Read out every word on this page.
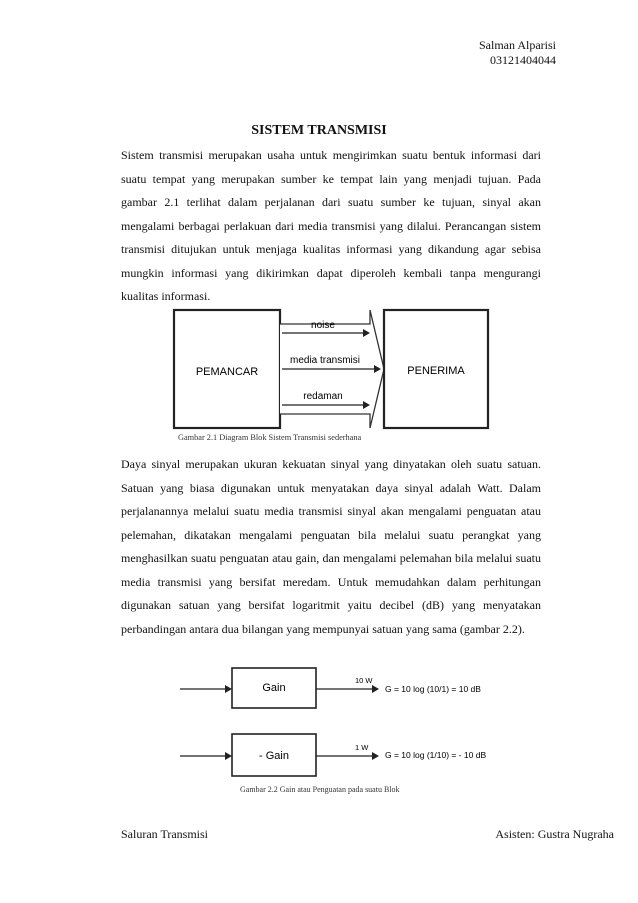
Salman Alparisi
03121404044
SISTEM TRANSMISI
Sistem transmisi merupakan usaha untuk mengirimkan suatu bentuk informasi dari suatu tempat yang merupakan sumber ke tempat lain yang menjadi tujuan. Pada gambar 2.1 terlihat dalam perjalanan dari suatu sumber ke tujuan, sinyal akan mengalami berbagai perlakuan dari media transmisi yang dilalui. Perancangan sistem transmisi ditujukan untuk menjaga kualitas informasi yang dikandung agar sebisa mungkin informasi yang dikirimkan dapat diperoleh kembali tanpa mengurangi kualitas informasi.
PEMANCAR
noise
media transmisi
redaman
PENERIMA
Gambar 2.1 Diagram Blok Sistem Transmisi sederhana
Daya sinyal merupakan ukuran kekuatan sinyal yang dinyatakan oleh suatu satuan. Satuan yang biasa digunakan untuk menyatakan daya sinyal adalah Watt. Dalam perjalanannya melalui suatu media transmisi sinyal akan mengalami penguatan atau pelemahan, dikatakan mengalami penguatan bila melalui suatu perangkat yang menghasilkan suatu penguatan atau gain, dan mengalami pelemahan bila melalui suatu media transmisi yang bersifat meredam. Untuk memudahkan dalam perhitungan digunakan satuan yang bersifat logaritmit yaitu decibel (dB) yang menyatakan perbandingan antara dua bilangan yang mempunyai satuan yang sama (gambar 2.2).
Gain
10 W
G = 10 log (10/1) = 10 dB
- Gain
1 W
G = 10 log (1/10) = - 10 dB
Gambar 2.2 Gain atau Penguatan pada suatu Blok
Saluran Transmisi	Asisten: Gustra Nugraha
